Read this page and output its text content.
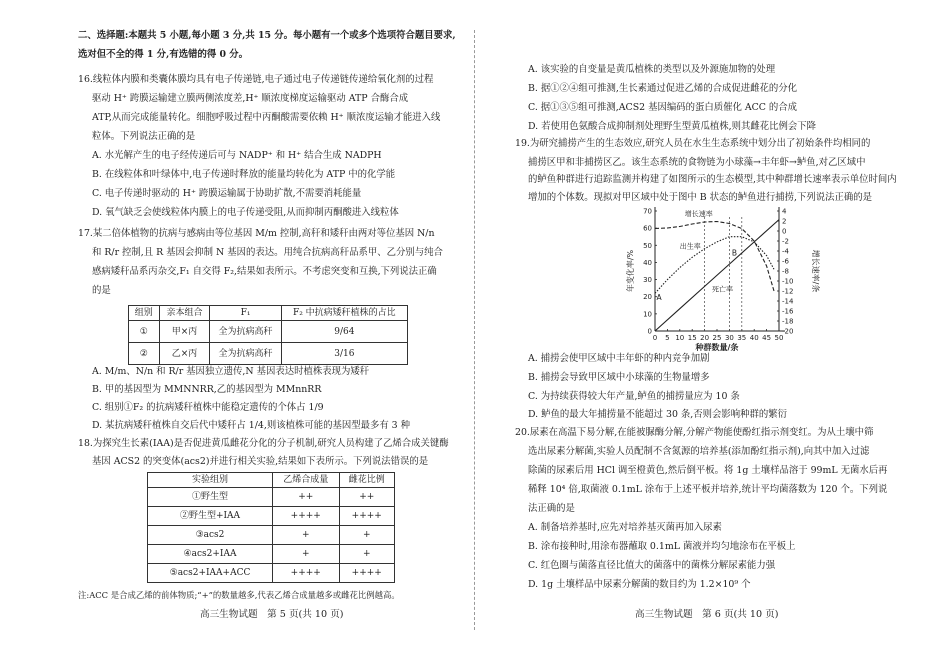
二、选择题:本题共 5 小题,每小题 3 分,共 15 分。每小题有一个或多个选项符合题目要求,
选对但不全的得 1 分,有选错的得 0 分。
16.线粒体内膜和类囊体膜均具有电子传递链,电子通过电子传递链传递给氧化剂的过程
驱动 H⁺ 跨膜运输建立膜两侧浓度差,H⁺ 顺浓度梯度运输驱动 ATP 合酶合成
ATP,从而完成能量转化。细胞呼吸过程中丙酮酸需要依赖 H⁺ 顺浓度运输才能进入线
粒体。下列说法正确的是
A. 水光解产生的电子经传递后可与 NADP⁺ 和 H⁺ 结合生成 NADPH
B. 在线粒体和叶绿体中,电子传递时释放的能量均转化为 ATP 中的化学能
C. 电子传递时驱动的 H⁺ 跨膜运输属于协助扩散,不需要消耗能量
D. 氧气缺乏会使线粒体内膜上的电子传递受阻,从而抑制丙酮酸进入线粒体
17.某二倍体植物的抗病与感病由等位基因 M/m 控制,高秆和矮秆由两对等位基因 N/n
和 R/r 控制,且 R 基因会抑制 N 基因的表达。用纯合抗病高秆品系甲、乙分别与纯合
感病矮秆品系丙杂交,F₁ 自交得 F₂,结果如表所示。不考虑突变和互换,下列说法正确
的是
组别	亲本组合	F₁	F₂ 中抗病矮秆植株的占比
①	甲×丙	全为抗病高秆	9/64
②	乙×丙	全为抗病高秆	3/16
A. M/m、N/n 和 R/r 基因独立遗传,N 基因表达时植株表现为矮秆
B. 甲的基因型为 MMNNRR,乙的基因型为 MMnnRR
C. 组别①F₂ 的抗病矮秆植株中能稳定遗传的个体占 1/9
D. 某抗病矮秆植株自交后代中矮秆占 1/4,则该植株可能的基因型最多有 3 种
18.为探究生长素(IAA)是否促进黄瓜雌花分化的分子机制,研究人员构建了乙烯合成关键酶
基因 ACS2 的突变体(acs2)并进行相关实验,结果如下表所示。下列说法错误的是
实验组别	乙烯合成量	雌花比例
①野生型	++	++
②野生型+IAA	++++	++++
③acs2	+	+
④acs2+IAA	+	+
⑤acs2+IAA+ACC	++++	++++
注:ACC 是合成乙烯的前体物质;“+”的数量越多,代表乙烯合成量越多或雌花比例越高。
高三生物试题　第 5 页(共 10 页)
A. 该实验的自变量是黄瓜植株的类型以及外源施加物的处理
B. 据①②④组可推测,生长素通过促进乙烯的合成促进雌花的分化
C. 据①③⑤组可推测,ACS2 基因编码的蛋白质催化 ACC 的合成
D. 若使用色氨酸合成抑制剂处理野生型黄瓜植株,则其雌花比例会下降
19.为研究捕捞产生的生态效应,研究人员在水生生态系统中划分出了初始条件均相同的
捕捞区甲和非捕捞区乙。该生态系统的食物链为小球藻→丰年虾→鲈鱼,对乙区域中
的鲈鱼种群进行追踪监测并构建了如图所示的生态模型,其中种群增长速率表示单位时间内
增加的个体数。现拟对甲区域中处于图中 B 状态的鲈鱼进行捕捞,下列说法正确的是
0 5 10 15 20 25 30 35 40 45 50
0
10
20
30
40
50
60
70	4
2
0
-2
-4
-6
-8
-10
-12
-14
-16
-18
-20
种群数量/条
年变化率/%	增长速率/条
A
B
增长速率
出生率
死亡率
A. 捕捞会使甲区域中丰年虾的种内竞争加剧
B. 捕捞会导致甲区域中小球藻的生物量增多
C. 为持续获得较大年产量,鲈鱼的捕捞量应为 10 条
D. 鲈鱼的最大年捕捞量不能超过 30 条,否则会影响种群的繁衍
20.尿素在高温下易分解,在能被脲酶分解,分解产物能使酚红指示剂变红。为从土壤中筛
选出尿素分解菌,实验人员配制不含氮源的培养基(添加酚红指示剂),向其中加入过滤
除菌的尿素后用 HCl 调至橙黄色,然后倒平板。将 1g 土壤样品溶于 99mL 无菌水后再
稀释 10⁴ 倍,取菌液 0.1mL 涂布于上述平板并培养,统计平均菌落数为 120 个。下列说
法正确的是
A. 制备培养基时,应先对培养基灭菌再加入尿素
B. 涂布接种时,用涂布器蘸取 0.1mL 菌液并均匀地涂布在平板上
C. 红色圈与菌落直径比值大的菌落中的菌株分解尿素能力强
D. 1g 土壤样品中尿素分解菌的数目约为 1.2×10⁹ 个
高三生物试题　第 6 页(共 10 页)
